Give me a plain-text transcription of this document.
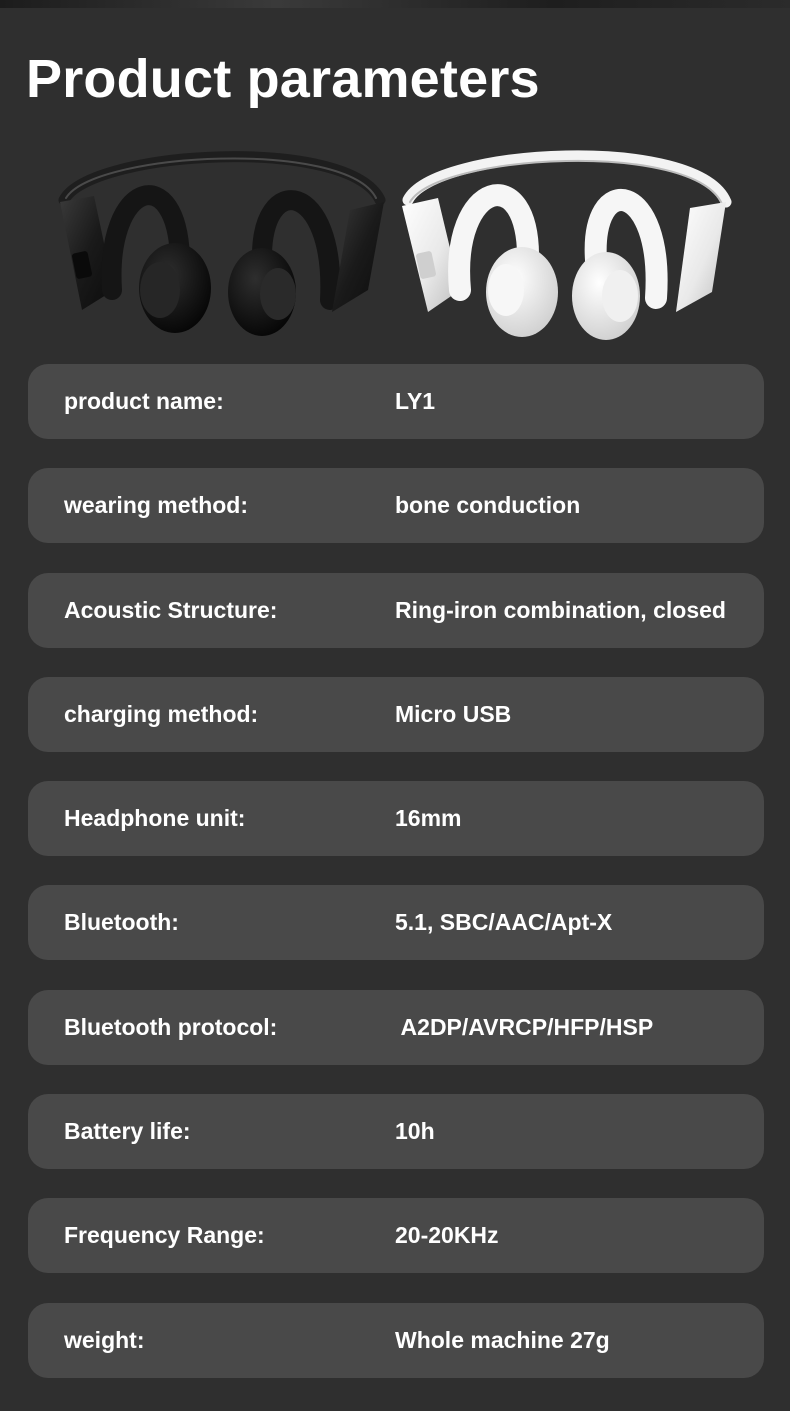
Product parameters
product name:	LY1
wearing method:	bone conduction
Acoustic Structure:	Ring-iron combination, closed
charging method:	Micro USB
Headphone unit:	16mm
Bluetooth:	5.1, SBC/AAC/Apt-X
Bluetooth protocol:	A2DP/AVRCP/HFP/HSP
Battery life:	10h
Frequency Range:	20-20KHz
weight:	Whole machine 27g
